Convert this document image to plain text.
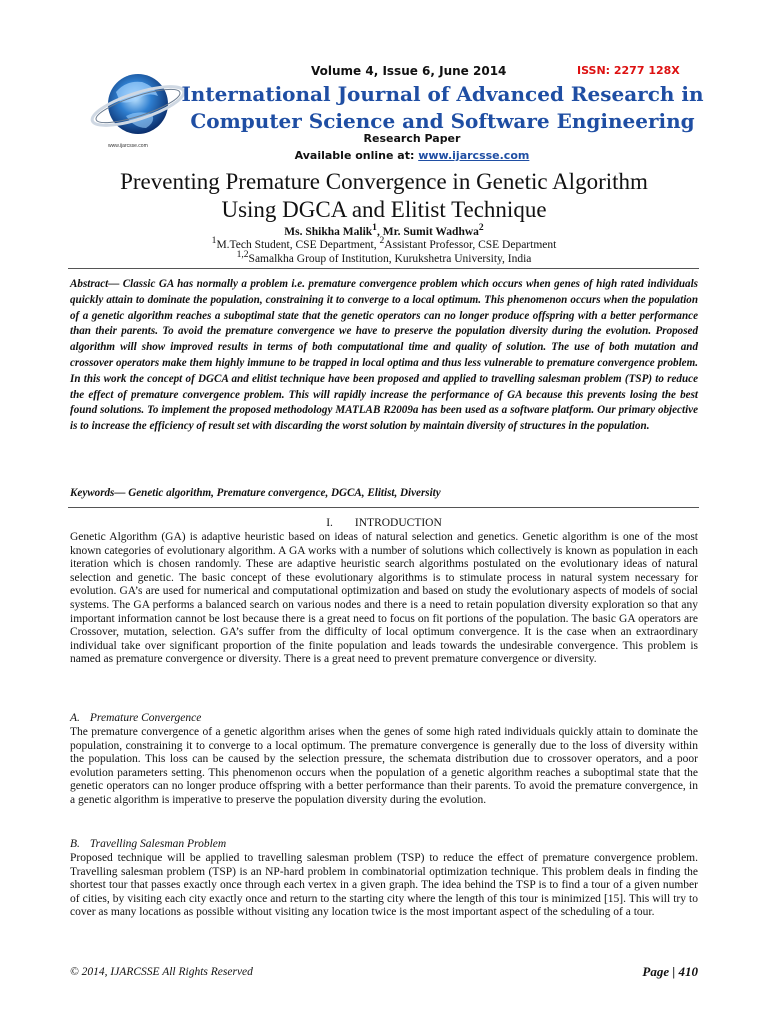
www.ijarcsse.com
Volume 4, Issue 6, June 2014	ISSN: 2277 128X
International Journal of Advanced Research in
Computer Science and Software Engineering
Research Paper
Available online at: www.ijarcsse.com
Preventing Premature Convergence in Genetic Algorithm
Using DGCA and Elitist Technique
Ms. Shikha Malik$^1$, Mr. Sumit Wadhwa$^2$
$^1$M.Tech Student, CSE Department, $^2$Assistant Professor, CSE Department
$^{1,2}$Samalkha Group of Institution, Kurukshetra University, India
Abstract— Classic GA has normally a problem i.e. premature convergence problem which occurs when genes of high rated individuals quickly attain to dominate the population, constraining it to converge to a local optimum. This phenomenon occurs when the population of a genetic algorithm reaches a suboptimal state that the genetic operators can no longer produce offspring with a better performance than their parents. To avoid the premature convergence we have to preserve the population diversity during the evolution. Proposed algorithm will show improved results in terms of both computational time and quality of solution. The use of both mutation and crossover operators make them highly immune to be trapped in local optima and thus less vulnerable to premature convergence problem. In this work the concept of DGCA and elitist technique have been proposed and applied to travelling salesman problem (TSP) to reduce the effect of premature convergence problem. This will rapidly increase the performance of GA because this prevents losing the best found solutions. To implement the proposed methodology MATLAB R2009a has been used as a software platform. Our primary objective is to increase the efficiency of result set with discarding the worst solution by maintain diversity of structures in the population.
Keywords— Genetic algorithm, Premature convergence, DGCA, Elitist, Diversity
I. INTRODUCTION
Genetic Algorithm (GA) is adaptive heuristic based on ideas of natural selection and genetics. Genetic algorithm is one of the most known categories of evolutionary algorithm. A GA works with a number of solutions which collectively is known as population in each iteration which is chosen randomly. These are adaptive heuristic search algorithms postulated on the evolutionary ideas of natural selection and genetic. The basic concept of these evolutionary algorithms is to stimulate process in natural system necessary for evolution. GA’s are used for numerical and computational optimization and based on study the evolutionary aspects of models of social systems. The GA performs a balanced search on various nodes and there is a need to retain population diversity exploration so that any important information cannot be lost because there is a great need to focus on fit portions of the population. The basic GA operators are Crossover, mutation, selection. GA’s suffer from the difficulty of local optimum convergence. It is the case when an extraordinary individual take over significant proportion of the finite population and leads towards the undesirable convergence. This problem is named as premature convergence or diversity. There is a great need to prevent premature convergence or diversity.
A. Premature Convergence
The premature convergence of a genetic algorithm arises when the genes of some high rated individuals quickly attain to dominate the population, constraining it to converge to a local optimum. The premature convergence is generally due to the loss of diversity within the population. This loss can be caused by the selection pressure, the schemata distribution due to crossover operators, and a poor evolution parameters setting. This phenomenon occurs when the population of a genetic algorithm reaches a suboptimal state that the genetic operators can no longer produce offspring with a better performance than their parents. To avoid the premature convergence, in a genetic algorithm is imperative to preserve the population diversity during the evolution.
B. Travelling Salesman Problem
Proposed technique will be applied to travelling salesman problem (TSP) to reduce the effect of premature convergence problem. Travelling salesman problem (TSP) is an NP-hard problem in combinatorial optimization technique. This problem deals in finding the shortest tour that passes exactly once through each vertex in a given graph. The idea behind the TSP is to find a tour of a given number of cities, by visiting each city exactly once and return to the starting city where the length of this tour is minimized [15]. This will try to cover as many locations as possible without visiting any location twice is the most important aspect of the scheduling of a tour.
© 2014, IJARCSSE All Rights Reserved	Page | 410
